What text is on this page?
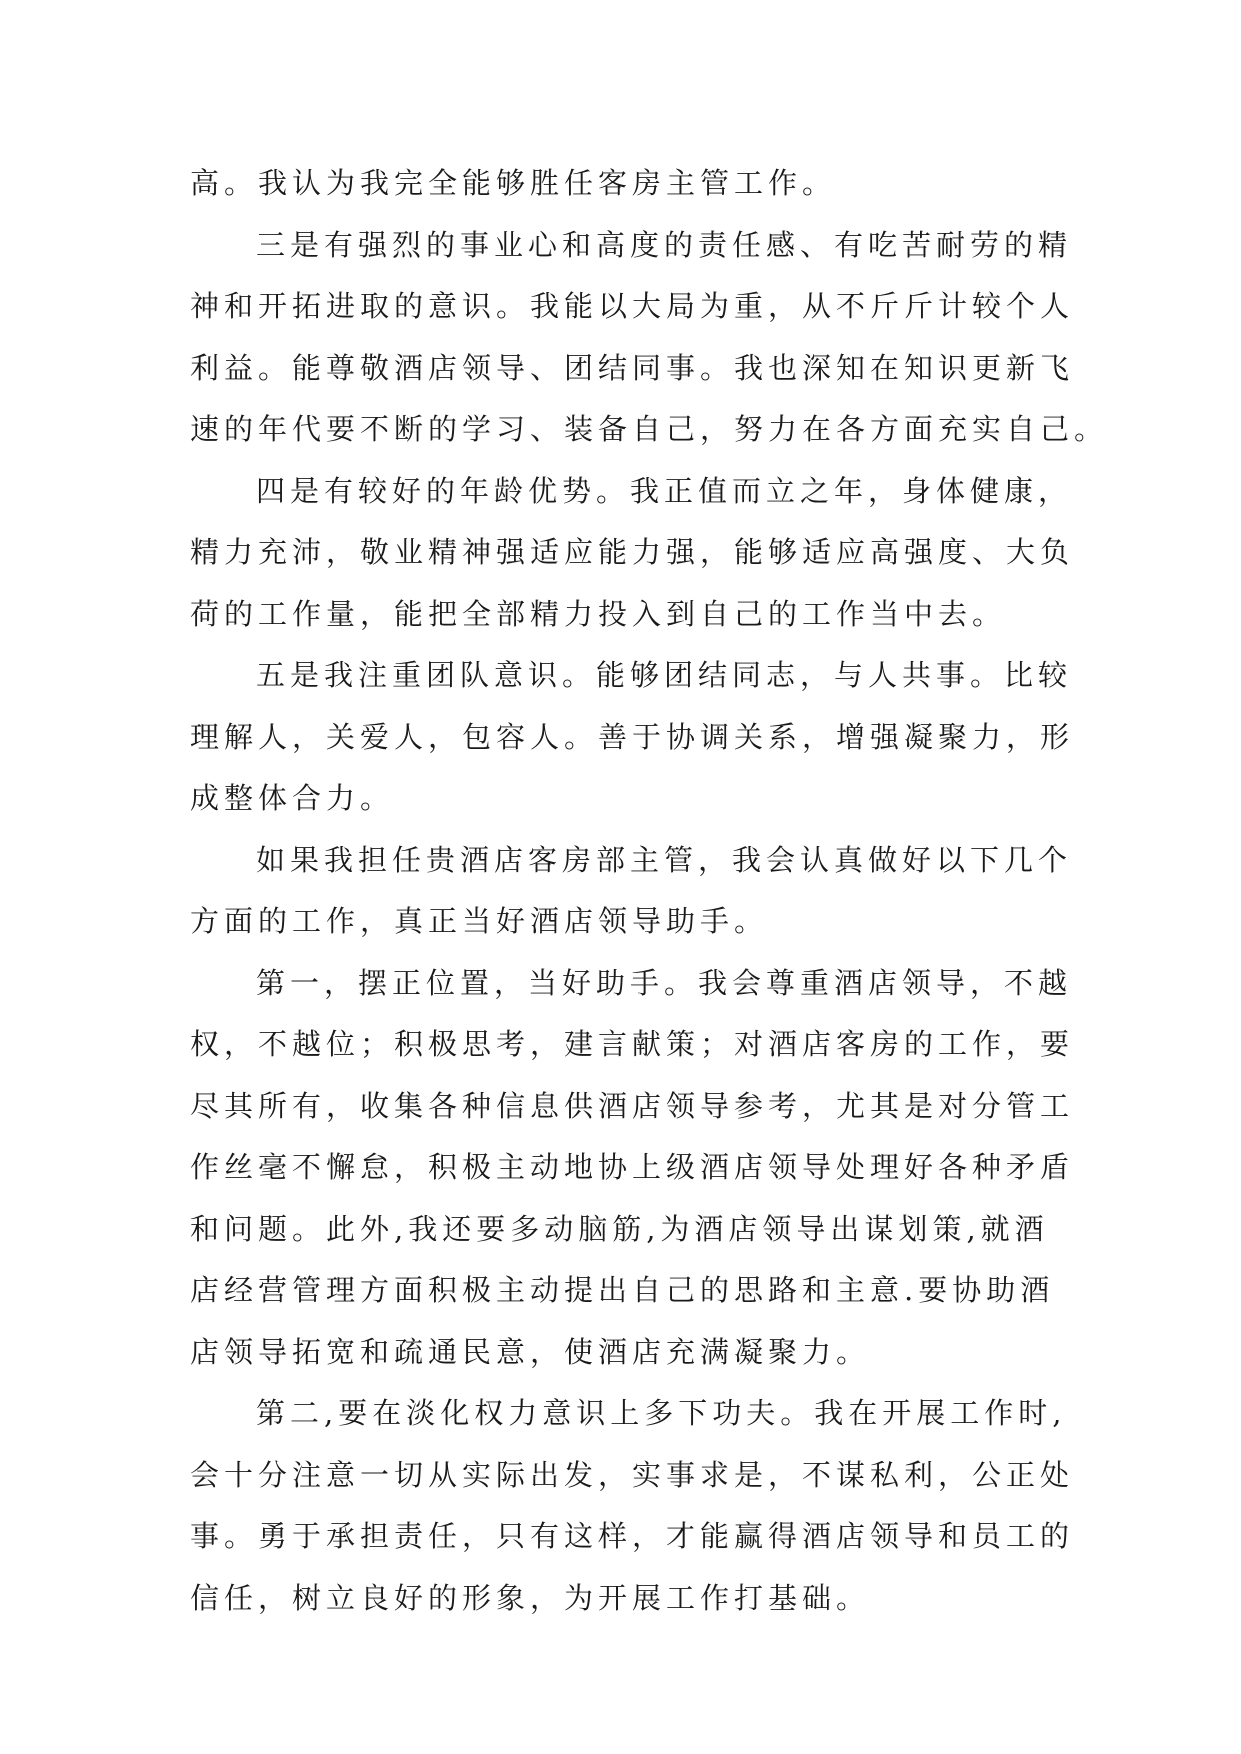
高。我认为我完全能够胜任客房主管工作。
三是有强烈的事业心和高度的责任感、有吃苦耐劳的精
神和开拓进取的意识。我能以大局为重，从不斤斤计较个人
利益。能尊敬酒店领导、团结同事。我也深知在知识更新飞
速的年代要不断的学习、装备自己，努力在各方面充实自己。
四是有较好的年龄优势。我正值而立之年，身体健康，
精力充沛，敬业精神强适应能力强，能够适应高强度、大负
荷的工作量，能把全部精力投入到自己的工作当中去。
五是我注重团队意识。能够团结同志，与人共事。比较
理解人，关爱人，包容人。善于协调关系，增强凝聚力，形
成整体合力。
如果我担任贵酒店客房部主管，我会认真做好以下几个
方面的工作，真正当好酒店领导助手。
第一，摆正位置，当好助手。我会尊重酒店领导，不越
权，不越位；积极思考，建言献策；对酒店客房的工作，要
尽其所有，收集各种信息供酒店领导参考，尤其是对分管工
作丝毫不懈怠，积极主动地协上级酒店领导处理好各种矛盾
和问题。此外,我还要多动脑筋,为酒店领导出谋划策,就酒
店经营管理方面积极主动提出自己的思路和主意.要协助酒
店领导拓宽和疏通民意，使酒店充满凝聚力。
第二,要在淡化权力意识上多下功夫。我在开展工作时,
会十分注意一切从实际出发，实事求是，不谋私利，公正处
事。勇于承担责任，只有这样，才能赢得酒店领导和员工的
信任，树立良好的形象，为开展工作打基础。
